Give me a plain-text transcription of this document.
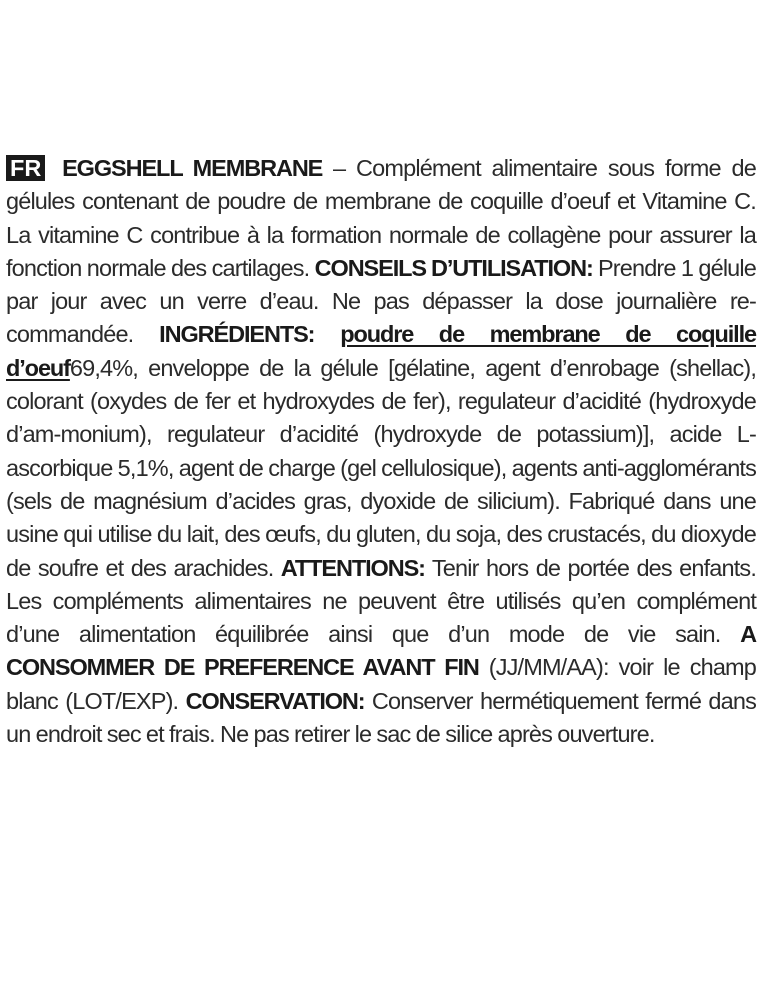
FR EGGSHELL MEMBRANE – Complément alimentaire sous forme de gélules contenant de poudre de membrane de coquille d’oeuf et Vitamine C. La vitamine C contribue à la formation normale de collagène pour assurer la fonction normale des cartilages. CONSEILS D’UTILISATION: Prendre 1 gélule par jour avec un verre d’eau. Ne pas dépasser la dose journalière re-commandée. INGRÉDIENTS: poudre de membrane de coquille d’oeuf69,4%, enveloppe de la gélule [gélatine, agent d’enrobage (shellac), colorant (oxydes de fer et hydroxydes de fer), regulateur d’acidité (hydroxyde d’am-monium), regulateur d’acidité (hydroxyde de potassium)], acide L-ascorbique 5,1%, agent de charge (gel cellulosique), agents anti-agglomérants (sels de magnésium d’acides gras, dyoxide de silicium). Fabriqué dans une usine qui utilise du lait, des œufs, du gluten, du soja, des crustacés, du dioxyde de soufre et des arachides. ATTENTIONS: Tenir hors de portée des enfants. Les compléments alimentaires ne peuvent être utilisés qu’en complément d’une alimentation équilibrée ainsi que d’un mode de vie sain. A CONSOMMER DE PREFERENCE AVANT FIN (JJ/MM/AA): voir le champ blanc (LOT/EXP). CONSERVATION: Conserver hermétiquement fermé dans un endroit sec et frais. Ne pas retirer le sac de silice après ouverture.
